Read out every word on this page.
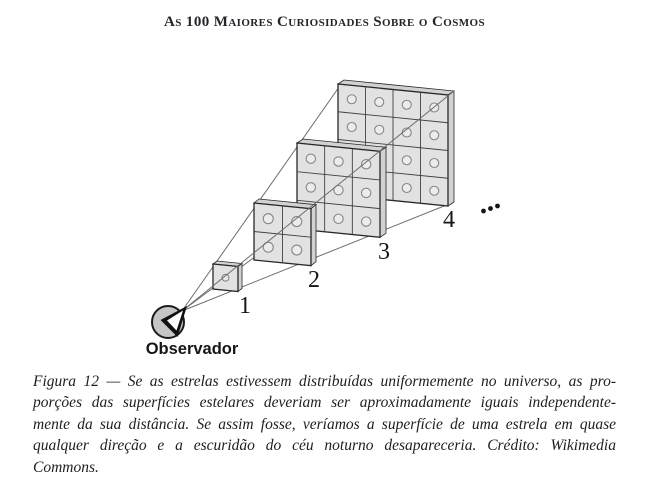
As 100 Maiores Curiosidades Sobre o Cosmos
1
2
3
4
Observador
Figura 12 — Se as estrelas estivessem distribuídas uniformemente no universo, as pro-
porções das superfícies estelares deveriam ser aproximadamente iguais independente-
mente da sua distância. Se assim fosse, veríamos a superfície de uma estrela em quase
qualquer direção e a escuridão do céu noturno desapareceria. Crédito: Wikimedia
Commons.
